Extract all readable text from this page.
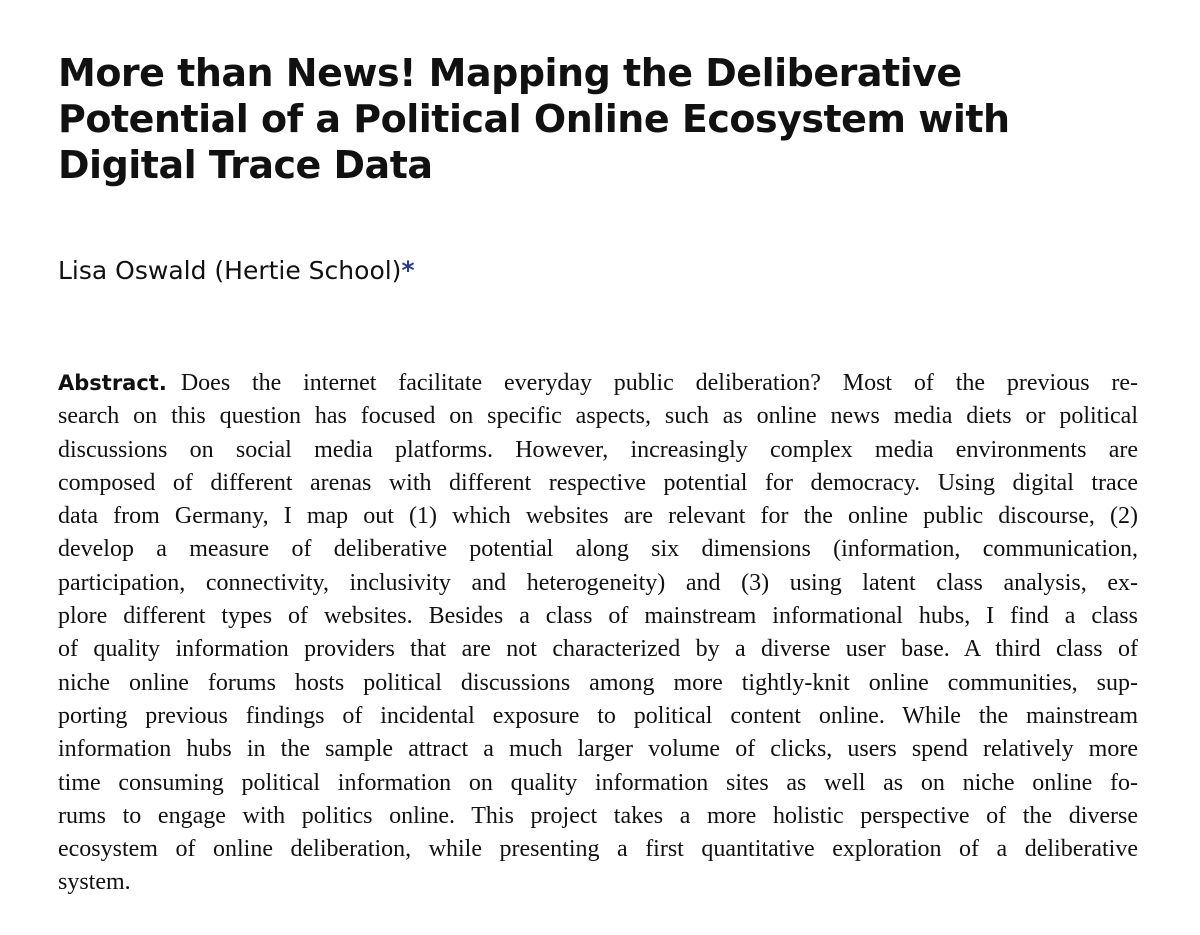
More than News! Mapping the Deliberative
Potential of a Political Online Ecosystem with
Digital Trace Data

Lisa Oswald (Hertie School)*

Abstract. Does the internet facilitate everyday public deliberation? Most of the previous re-
search on this question has focused on specific aspects, such as online news media diets or political
discussions on social media platforms. However, increasingly complex media environments are
composed of different arenas with different respective potential for democracy. Using digital trace
data from Germany, I map out (1) which websites are relevant for the online public discourse, (2)
develop a measure of deliberative potential along six dimensions (information, communication,
participation, connectivity, inclusivity and heterogeneity) and (3) using latent class analysis, ex-
plore different types of websites. Besides a class of mainstream informational hubs, I find a class
of quality information providers that are not characterized by a diverse user base. A third class of
niche online forums hosts political discussions among more tightly-knit online communities, sup-
porting previous findings of incidental exposure to political content online. While the mainstream
information hubs in the sample attract a much larger volume of clicks, users spend relatively more
time consuming political information on quality information sites as well as on niche online fo-
rums to engage with politics online. This project takes a more holistic perspective of the diverse
ecosystem of online deliberation, while presenting a first quantitative exploration of a deliberative
system.
